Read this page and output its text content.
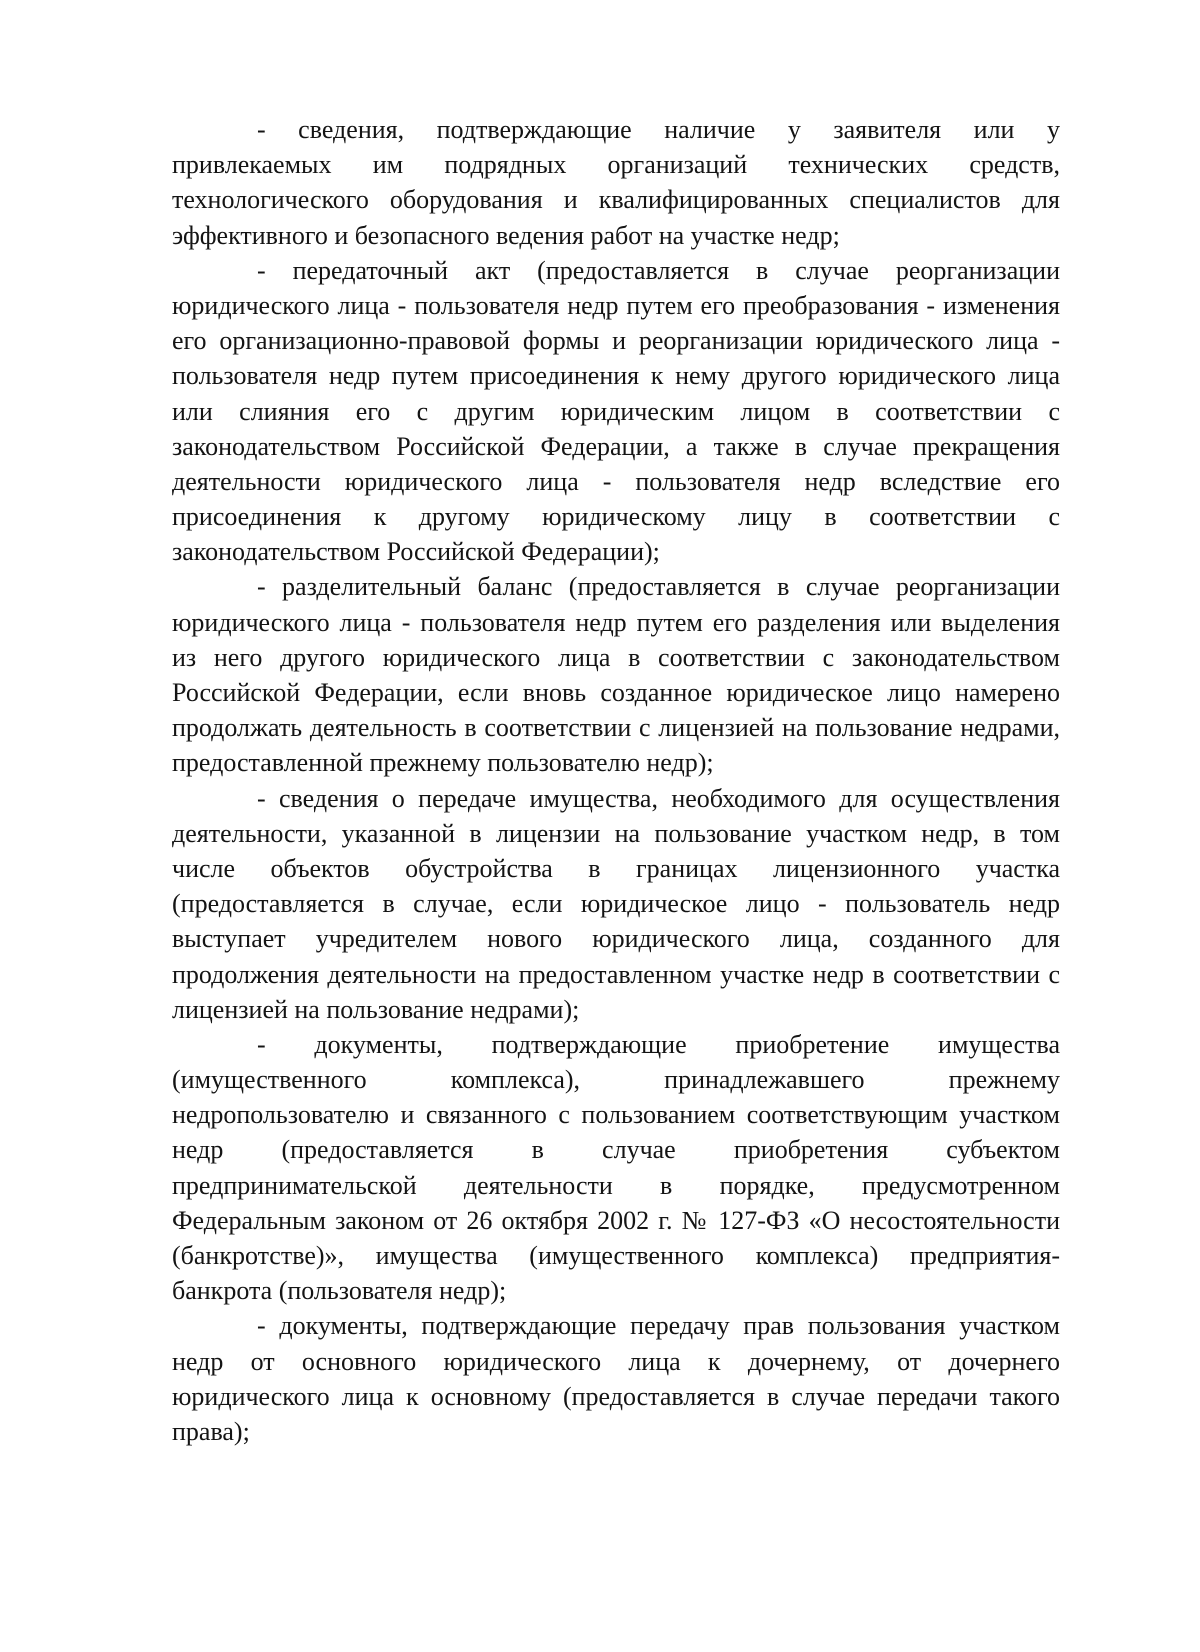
- сведения, подтверждающие наличие у заявителя или у
привлекаемых им подрядных организаций технических средств,
технологического оборудования и квалифицированных специалистов для
эффективного и безопасного ведения работ на участке недр;
- передаточный акт (предоставляется в случае реорганизации
юридического лица - пользователя недр путем его преобразования - изменения
его организационно-правовой формы и реорганизации юридического лица -
пользователя недр путем присоединения к нему другого юридического лица
или слияния его с другим юридическим лицом в соответствии с
законодательством Российской Федерации, а также в случае прекращения
деятельности юридического лица - пользователя недр вследствие его
присоединения к другому юридическому лицу в соответствии с
законодательством Российской Федерации);
- разделительный баланс (предоставляется в случае реорганизации
юридического лица - пользователя недр путем его разделения или выделения
из него другого юридического лица в соответствии с законодательством
Российской Федерации, если вновь созданное юридическое лицо намерено
продолжать деятельность в соответствии с лицензией на пользование недрами,
предоставленной прежнему пользователю недр);
- сведения о передаче имущества, необходимого для осуществления
деятельности, указанной в лицензии на пользование участком недр, в том
числе объектов обустройства в границах лицензионного участка
(предоставляется в случае, если юридическое лицо - пользователь недр
выступает учредителем нового юридического лица, созданного для
продолжения деятельности на предоставленном участке недр в соответствии с
лицензией на пользование недрами);
- документы, подтверждающие приобретение имущества
(имущественного комплекса), принадлежавшего прежнему
недропользователю и связанного с пользованием соответствующим участком
недр (предоставляется в случае приобретения субъектом
предпринимательской деятельности в порядке, предусмотренном
Федеральным законом от 26 октября 2002 г. № 127-ФЗ «О несостоятельности
(банкротстве)», имущества (имущественного комплекса) предприятия-
банкрота (пользователя недр);
- документы, подтверждающие передачу прав пользования участком
недр от основного юридического лица к дочернему, от дочернего
юридического лица к основному (предоставляется в случае передачи такого
права);
